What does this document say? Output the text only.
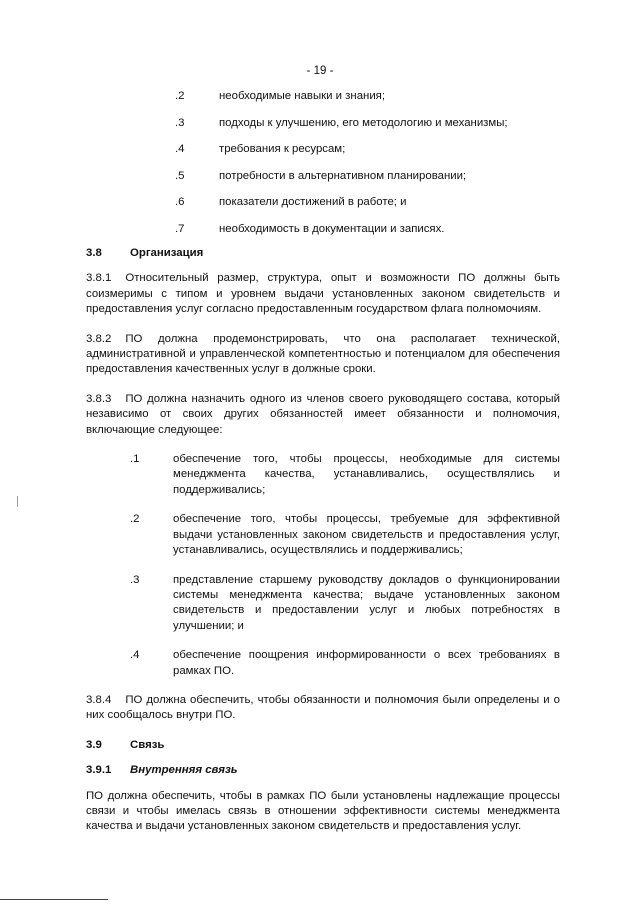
- 19 -
.2	необходимые навыки и знания;
.3	подходы к улучшению, его методологию и механизмы;
.4	требования к ресурсам;
.5	потребности в альтернативном планировании;
.6	показатели достижений в работе; и
.7	необходимость в документации и записях.
3.8	Организация

3.8.1 Относительный размер, структура, опыт и возможности ПО должны быть соизмеримы с типом и уровнем выдачи установленных законом свидетельств и предоставления услуг согласно предоставленным государством флага полномочиям.

3.8.2 ПО должна продемонстрировать, что она располагает технической, административной и управленческой компетентностью и потенциалом для обеспечения предоставления качественных услуг в должные сроки.

3.8.3 ПО должна назначить одного из членов своего руководящего состава, который независимо от своих других обязанностей имеет обязанности и полномочия, включающие следующее:

.1	обеспечение того, чтобы процессы, необходимые для системы менеджмента качества, устанавливались, осуществлялись и поддерживались;
.2	обеспечение того, чтобы процессы, требуемые для эффективной выдачи установленных законом свидетельств и предоставления услуг, устанавливались, осуществлялись и поддерживались;
.3	представление старшему руководству докладов о функционировании системы менеджмента качества; выдаче установленных законом свидетельств и предоставлении услуг и любых потребностях в улучшении; и
.4	обеспечение поощрения информированности о всех требованиях в рамках ПО.

3.8.4 ПО должна обеспечить, чтобы обязанности и полномочия были определены и о них сообщалось внутри ПО.

3.9	Связь
3.9.1	Внутренняя связь

ПО должна обеспечить, чтобы в рамках ПО были установлены надлежащие процессы связи и чтобы имелась связь в отношении эффективности системы менеджмента качества и выдачи установленных законом свидетельств и предоставления услуг.
